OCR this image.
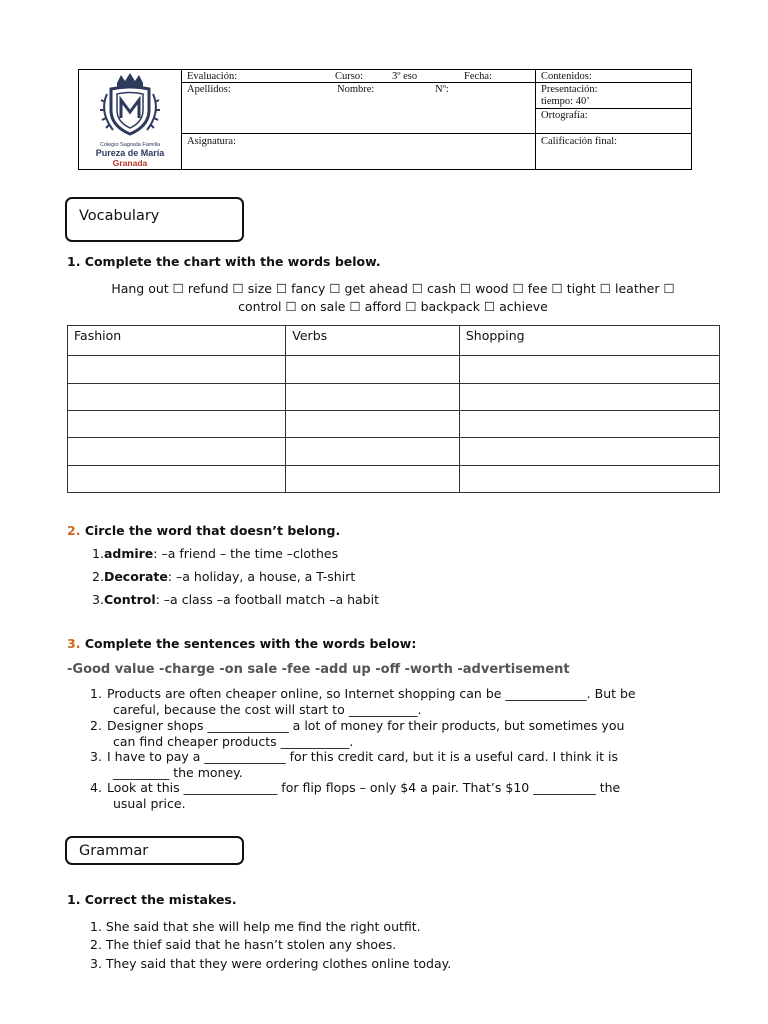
Colegio Sagrada Familia
Pureza de María
Granada
Evaluación:	Curso:	3º eso	Fecha:	Contenidos:
Apellidos:	Nombre:	Nº:	Presentación:
tiempo: 40’
Ortografía:
Asignatura:	Calificación final:
Vocabulary
1. Complete the chart with the words below.
Hang out ☐ refund ☐ size ☐ fancy ☐ get ahead ☐ cash ☐ wood ☐ fee ☐ tight ☐ leather ☐
control ☐ on sale ☐ afford ☐ backpack ☐ achieve
Fashion	Verbs	Shopping

2. Circle the word that doesn’t belong.
1.admire: –a friend – the time –clothes
2.Decorate: –a holiday, a house, a T-shirt
3.Control: –a class –a football match –a habit
3. Complete the sentences with the words below:
-Good value -charge -on sale -fee -add up -off -worth -advertisement
1. Products are often cheaper online, so Internet shopping can be _____________. But be
careful, because the cost will start to ___________.
2. Designer shops _____________ a lot of money for their products, but sometimes you
can find cheaper products ___________.
3. I have to pay a _____________ for this credit card, but it is a useful card. I think it is
_________ the money.
4. Look at this _______________ for flip flops – only $4 a pair. That’s $10 __________ the
usual price.
Grammar
1. Correct the mistakes.
1. She said that she will help me find the right outfit.
2. The thief said that he hasn’t stolen any shoes.
3. They said that they were ordering clothes online today.
